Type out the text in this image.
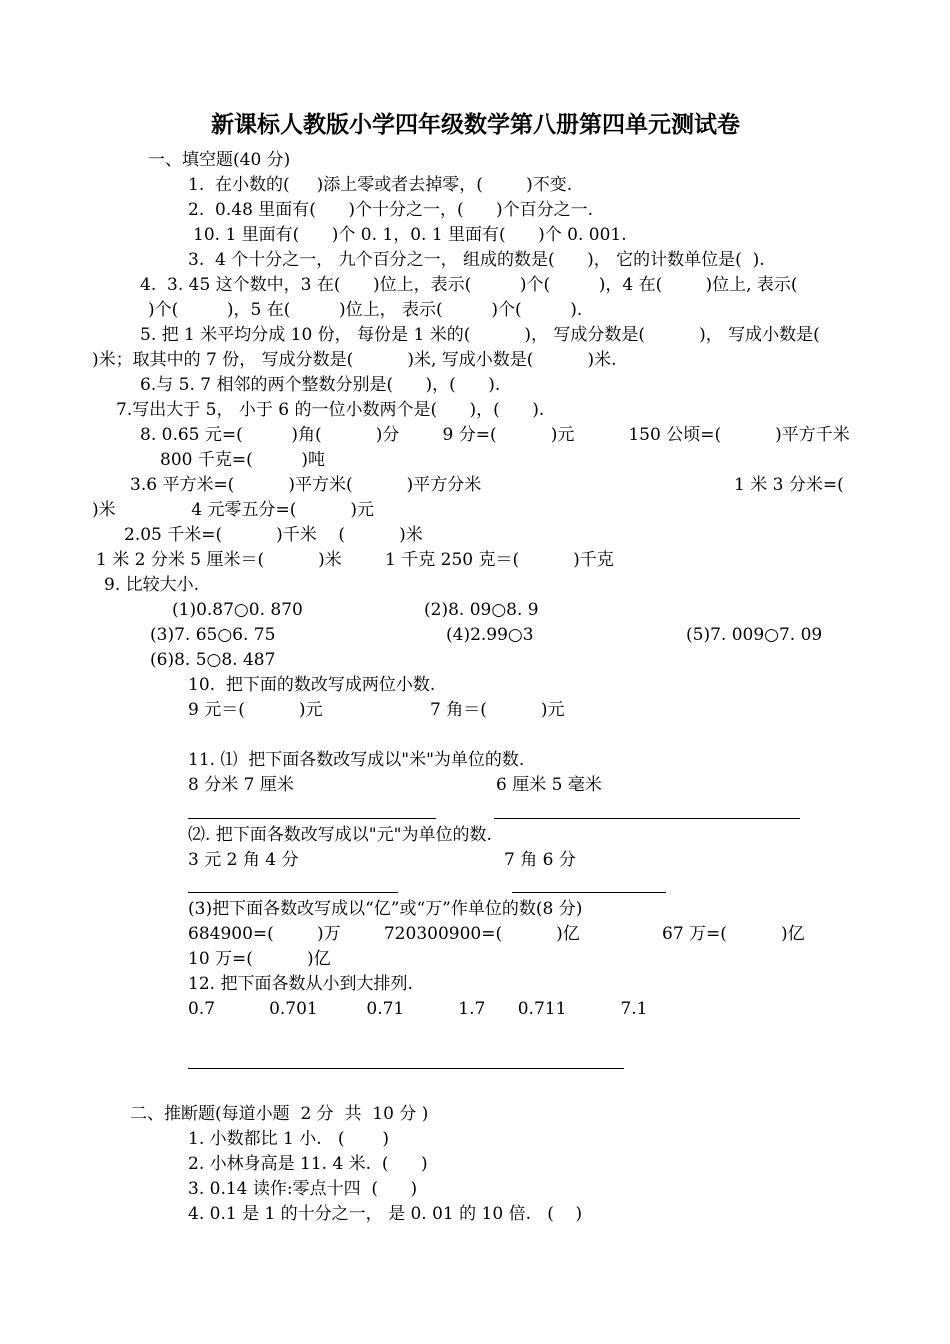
新课标人教版小学四年级数学第八册第四单元测试卷
一、填空题(40 分)
1.  在小数的(     )添上零或者去掉零，(        )不变.
2.  0.48 里面有(      )个十分之一，(      )个百分之一.
10. 1 里面有(      )个 0. 1，0. 1 里面有(      )个 0. 001.
3.  4 个十分之一， 九个百分之一， 组成的数是(      )， 它的计数单位是(  ).
4.  3. 45 这个数中，3 在(      )位上，表示(         )个(         )，4 在(        )位上, 表示(
)个(         )，5 在(         )位上， 表示(         )个(         ).
5. 把 1 米平均分成 10 份， 每份是 1 米的(          )， 写成分数是(          )， 写成小数是(
)米；取其中的 7 份， 写成分数是(          )米, 写成小数是(          )米.
6.与 5. 7 相邻的两个整数分别是(      )，(      ).
7.写出大于 5， 小于 6 的一位小数两个是(      )，(      ).
8. 0.65 元=(         )角(          )分        9 分=(          )元          150 公顷=(          )平方千米
800 千克=(         )吨
3.6 平方米=(          )平方米(          )平方分米	1 米 3 分米=(
)米              4 元零五分=(          )元
2.05 千米=(          )千米    (          )米
1 米 2 分米 5 厘米＝(          )米        1 千克 250 克＝(          )千克
9. 比较大小.
(1)0.87○0. 870	(2)8. 09○8. 9
(3)7. 65○6. 75	(4)2.99○3	(5)7. 009○7. 09
(6)8. 5○8. 487
10.  把下面的数改写成两位小数.
9 元＝(          )元	7 角＝(          )元
11. ⑴  把下面各数改写成以"米"为单位的数.
8 分米 7 厘米	6 厘米 5 毫米
⑵. 把下面各数改写成以"元"为单位的数.
3 元 2 角 4 分	7 角 6 分
(3)把下面各数改写成以“亿”或“万”作单位的数(8 分)
684900=(        )万        720300900=(          )亿	67 万=(          )亿
10 万=(          )亿
12. 把下面各数从小到大排列.
0.7          0.701         0.71          1.7      0.711          7.1
二、推断题(每道小题  2 分  共  10 分 )
1. 小数都比 1 小.   (       )
2. 小林身高是 11. 4 米.  (      )
3. 0.14 读作:零点十四  (      )
4. 0.1 是 1 的十分之一， 是 0. 01 的 10 倍.   (    )
